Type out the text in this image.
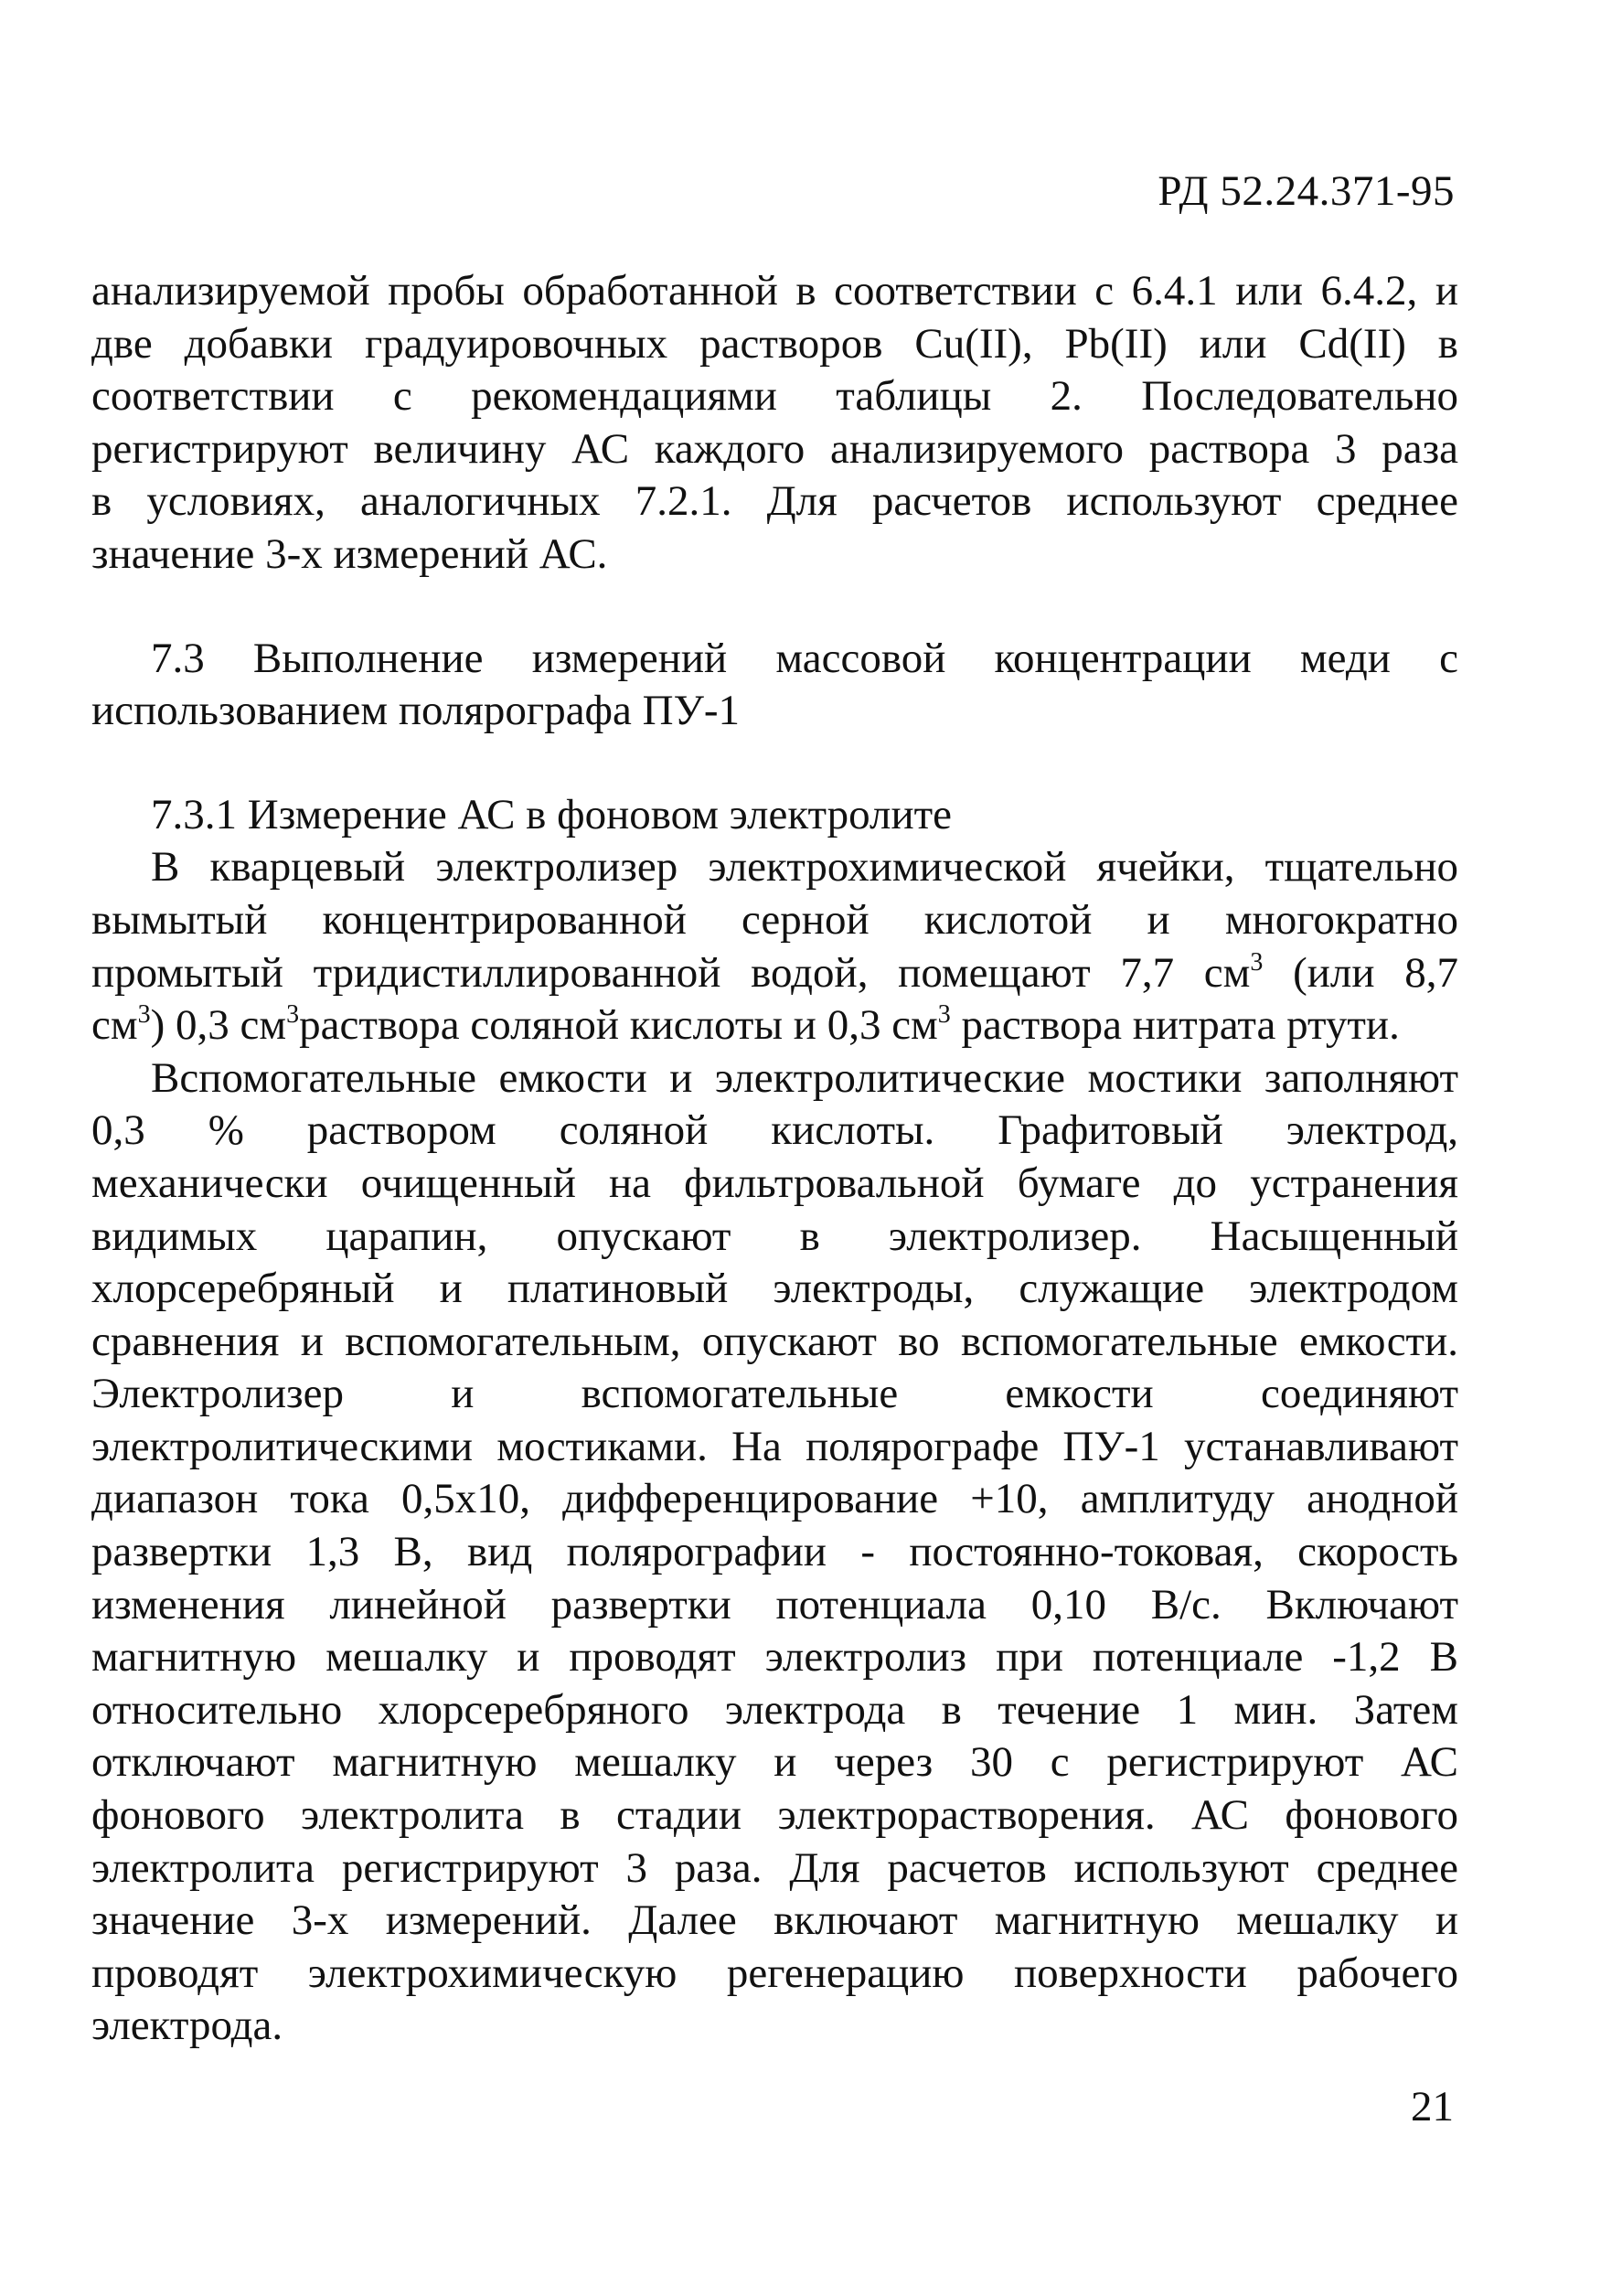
РД 52.24.371-95

анализируемой пробы обработанной в соответствии с 6.4.1 или 6.4.2, и
две добавки градуировочных растворов Cu(II), Pb(II) или Cd(II) в
соответствии с рекомендациями таблицы 2. Последовательно
регистрируют величину АС каждого анализируемого раствора 3 раза
в условиях, аналогичных 7.2.1. Для расчетов используют среднее
значение 3-х измерений АС.

7.3 Выполнение измерений массовой концентрации меди с

использованием полярографа ПУ-1

7.3.1 Измерение АС в фоновом электролите

В кварцевый электролизер электрохимической ячейки, тщательно
вымытый концентрированной серной кислотой и многократно
промытый тридистиллированной водой, помещают 7,7 $см^3$ (или 8,7
$см^3$) 0,3 $см^3раствора$ соляной кислоты и 0,3 $см^3$ раствора нитрата ртути.

Вспомогательные емкости и электролитические мостики заполняют
0,3 % раствором соляной кислоты. Графитовый электрод,
механически очищенный на фильтровальной бумаге до устранения
видимых царапин, опускают в электролизер. Насыщенный
хлорсеребряный и платиновый электроды, служащие электродом
сравнения и вспомогательным, опускают во вспомогательные емкости.
Электролизер и вспомогательные емкости соединяют
электролитическими мостиками. На полярографе ПУ-1 устанавливают
диапазон тока 0,5х10, дифференцирование +10, амплитуду анодной
развертки 1,3 В, вид полярографии - постоянно-токовая, скорость
изменения линейной развертки потенциала 0,10 В/с. Включают
магнитную мешалку и проводят электролиз при потенциале -1,2 В
относительно хлорсеребряного электрода в течение 1 мин. Затем
отключают магнитную мешалку и через 30 с регистрируют АС
фонового электролита в стадии электрорастворения. АС фонового
электролита регистрируют 3 раза. Для расчетов используют среднее
значение 3-х измерений. Далее включают магнитную мешалку и
проводят электрохимическую регенерацию поверхности рабочего
электрода.

21
